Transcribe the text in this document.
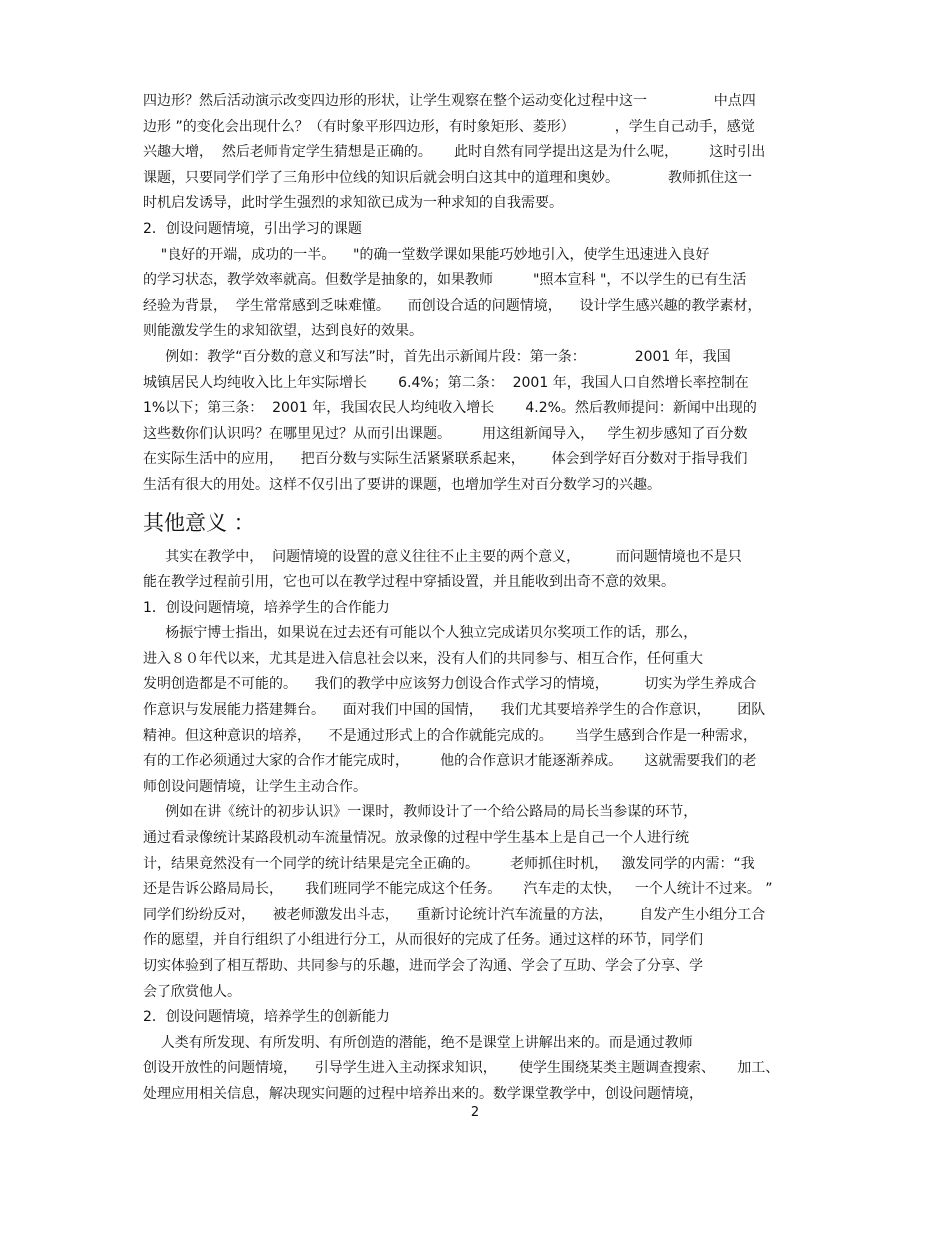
四边形？然后活动演示改变四边形的形状，让学生观察在整个运动变化过程中这一               中点四
边形 ”的变化会出现什么？（有时象平形四边形，有时象矩形、菱形）         ，学生自己动手，感觉
兴趣大增，  然后老师肯定学生猜想是正确的。     此时自然有同学提出这是为什么呢，       这时引出
课题，只要同学们学了三角形中位线的知识后就会明白这其中的道理和奥妙。           教师抓住这一
时机启发诱导，此时学生强烈的求知欲已成为一种求知的自我需要。
2．创设问题情境，引出学习的课题
"良好的开端，成功的一半。    "的确一堂数学课如果能巧妙地引入，使学生迅速进入良好
的学习状态，教学效率就高。但数学是抽象的，如果教师         "照本宣科 "，不以学生的已有生活
经验为背景，  学生常常感到乏味难懂。    而创设合适的问题情境，    设计学生感兴趣的教学素材，
则能激发学生的求知欲望，达到良好的效果。
例如：教学“百分数的意义和写法”时，首先出示新闻片段：第一条：           2001 年，我国
城镇居民人均纯收入比上年实际增长       6.4%；第二条：  2001 年，我国人口自然增长率控制在
1%以下；第三条：  2001 年，我国农民人均纯收入增长       4.2%。然后教师提问：新闻中出现的
这些数你们认识吗？在哪里见过？从而引出课题。       用这组新闻导入，   学生初步感知了百分数
在实际生活中的应用，    把百分数与实际生活紧紧联系起来，      体会到学好百分数对于指导我们
生活有很大的用处。这样不仅引出了要讲的课题，也增加学生对百分数学习的兴趣。
其他意义 ：
其实在教学中，  问题情境的设置的意义往往不止主要的两个意义，        而问题情境也不是只
能在教学过程前引用，它也可以在教学过程中穿插设置，并且能收到出奇不意的效果。
1．创设问题情境，培养学生的合作能力
杨振宁博士指出，如果说在过去还有可能以个人独立完成诺贝尔奖项工作的话，那么，
进入８０年代以来，尤其是进入信息社会以来，没有人们的共同参与、相互合作，任何重大
发明创造都是不可能的。    我们的教学中应该努力创设合作式学习的情境，        切实为学生养成合
作意识与发展能力搭建舞台。    面对我们中国的国情，    我们尤其要培养学生的合作意识，      团队
精神。但这种意识的培养，    不是通过形式上的合作就能完成的。     当学生感到合作是一种需求，
有的工作必须通过大家的合作才能完成时，       他的合作意识才能逐渐养成。     这就需要我们的老
师创设问题情境，让学生主动合作。
例如在讲《统计的初步认识》一课时，教师设计了一个给公路局的局长当参谋的环节，
通过看录像统计某路段机动车流量情况。放录像的过程中学生基本上是自己一个人进行统
计，结果竟然没有一个同学的统计结果是完全正确的。       老师抓住时机，   激发同学的内需：“我
还是告诉公路局局长，     我们班同学不能完成这个任务。     汽车走的太快，   一个人统计不过来。 ”
同学们纷纷反对，    被老师激发出斗志，    重新讨论统计汽车流量的方法，      自发产生小组分工合
作的愿望，并自行组织了小组进行分工，从而很好的完成了任务。通过这样的环节，同学们
切实体验到了相互帮助、共同参与的乐趣，进而学会了沟通、学会了互助、学会了分享、学
会了欣赏他人。
2．创设问题情境，培养学生的创新能力
人类有所发现、有所发明、有所创造的潜能，绝不是课堂上讲解出来的。而是通过教师
创设开放性的问题情境，    引导学生进入主动探求知识，     使学生围绕某类主题调查搜索、     加工、
处理应用相关信息，解决现实问题的过程中培养出来的。数学课堂教学中，创设问题情境，
2
